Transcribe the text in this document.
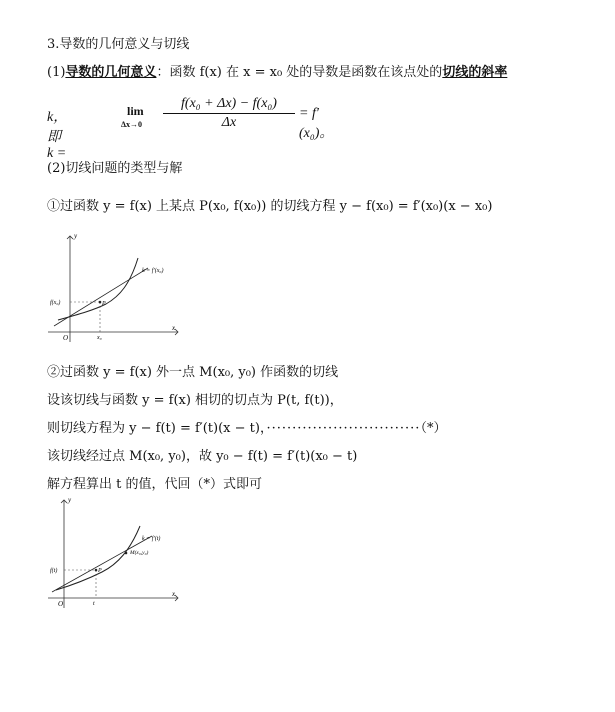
3.导数的几何意义与切线
(1)导数的几何意义：函数 f(x) 在 x = x₀ 处的导数是函数在该点处的切线的斜率
k，即 k =
lim
$\Delta x\to 0 \frac{\text{f(x₀ + Δx) − f(x₀)}}{\Delta x} = f'(x_0)$。
(2)切线问题的类型与解
①过函数 y = f(x) 上某点 P(x₀, f(x₀)) 的切线方程 y − f(x₀) = f′(x₀)(x − x₀)
y
x
O
P
f(x₀)
x₀
k = f′(x₀)
②过函数 y = f(x) 外一点 M(x₀, y₀) 作函数的切线
设该切线与函数 y = f(x) 相切的切点为 P(t, f(t))，
则切线方程为 y − f(t) = f′(t)(x − t)，······························（*）
该切线经过点 M(x₀, y₀)，故 y₀ − f(t) = f′(t)(x₀ − t)
解方程算出 t 的值，代回（*）式即可
y
x
O
P
f(t)
t
k = f′(t)
M(x₀,y₀)
